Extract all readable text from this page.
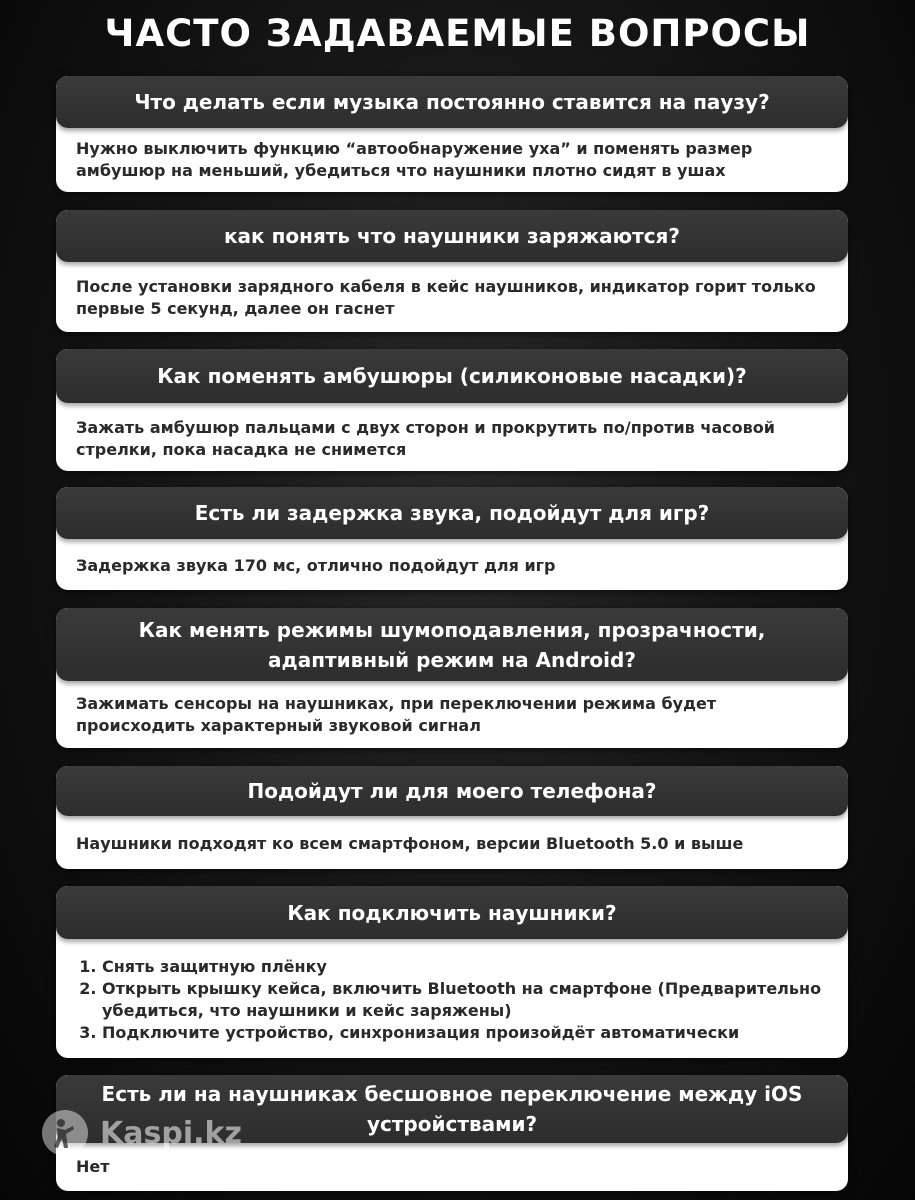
ЧАСТО ЗАДАВАЕМЫЕ ВОПРОСЫ
Что делать если музыка постоянно ставится на паузу?
Нужно выключить функцию “автообнаружение уха” и поменять размер амбушюр на меньший, убедиться что наушники плотно сидят в ушах
как понять что наушники заряжаются?
После установки зарядного кабеля в кейс наушников, индикатор горит только первые 5 секунд, далее он гаснет
Как поменять амбушюры (силиконовые насадки)?
Зажать амбушюр пальцами с двух сторон и прокрутить по/против часовой стрелки, пока насадка не снимется
Есть ли задержка звука, подойдут для игр?
Задержка звука 170 мс, отлично подойдут для игр
Как менять режимы шумоподавления, прозрачности, адаптивный режим на Android?
Зажимать сенсоры на наушниках, при переключении режима будет происходить характерный звуковой сигнал
Подойдут ли для моего телефона?
Наушники подходят ко всем смартфоном, версии Bluetooth 5.0 и выше
Как подключить наушники?
1. Снять защитную плёнку
2. Открыть крышку кейса, включить Bluetooth на смартфоне (Предварительно убедиться, что наушники и кейс заряжены)
3. Подключите устройство, синхронизация произойдёт автоматически
Есть ли на наушниках бесшовное переключение между iOS устройствами?
Нет
Kaspi.kz
